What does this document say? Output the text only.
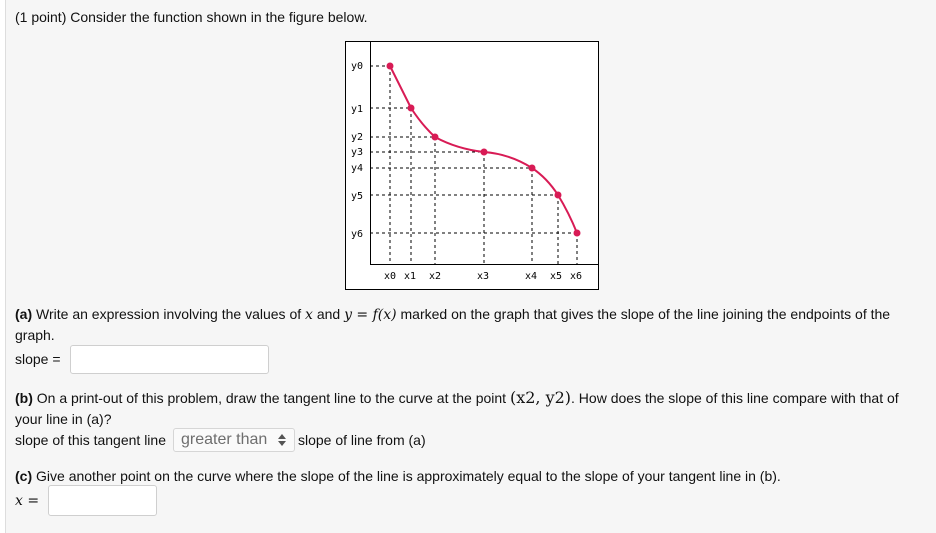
(1 point) Consider the function shown in the figure below.
y0
y1
y2
y3
y4
y5
y6
x0 x1 x2	x3	x4 x5 x6
(a) Write an expression involving the values of x and y = f(x) marked on the graph that gives the slope of the line joining the endpoints of the
graph.
slope =
(b) On a print-out of this problem, draw the tangent line to the curve at the point (x2, y2). How does the slope of this line compare with that of
your line in (a)?
slope of this tangent line greater than	slope of line from (a)
(c) Give another point on the curve where the slope of the line is approximately equal to the slope of your tangent line in (b).
x =
